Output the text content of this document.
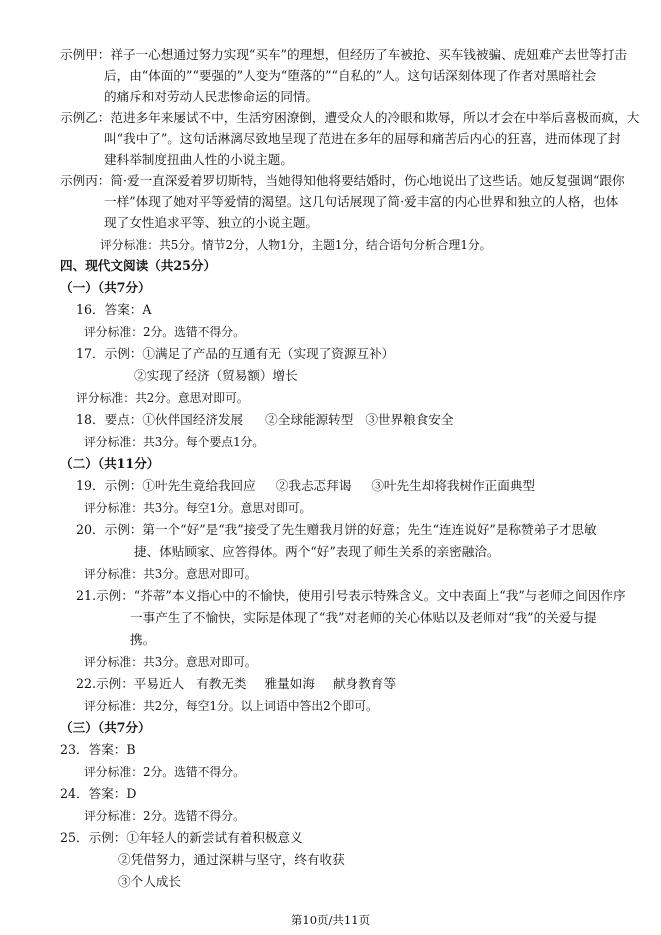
示例甲：祥子一心想通过努力实现“买车”的理想，但经历了车被抢、买车钱被骗、虎妞难产去世等打击
后，由“体面的”“要强的”人变为“堕落的”“自私的”人。这句话深刻体现了作者对黑暗社会
的痛斥和对劳动人民悲惨命运的同情。
示例乙：范进多年来屡试不中，生活穷困潦倒，遭受众人的冷眼和欺辱，所以才会在中举后喜极而疯，大
叫“我中了”。这句话淋漓尽致地呈现了范进在多年的屈辱和痛苦后内心的狂喜，进而体现了封
建科举制度扭曲人性的小说主题。
示例丙：简·爱一直深爱着罗切斯特，当她得知他将要结婚时，伤心地说出了这些话。她反复强调“跟你
一样”体现了她对平等爱情的渴望。这几句话展现了简·爱丰富的内心世界和独立的人格，也体
现了女性追求平等、独立的小说主题。
评分标准：共5分。情节2分，人物1分，主题1分，结合语句分析合理1分。
四、现代文阅读（共25分）
（一）（共7分）
16．答案：A
评分标准：2分。选错不得分。
17．示例：①满足了产品的互通有无（实现了资源互补）
②实现了经济（贸易额）增长
评分标准：共2分。意思对即可。
18．要点：①伙伴国经济发展 ②全球能源转型 ③世界粮食安全
评分标准：共3分。每个要点1分。
（二）（共11分）
19．示例：①叶先生竟给我回应 ②我忐忑拜谒 ③叶先生却将我树作正面典型
评分标准：共3分。每空1分。意思对即可。
20．示例：第一个“好”是“我”接受了先生赠我月饼的好意；先生“连连说好”是称赞弟子才思敏
捷、体贴顾家、应答得体。两个“好”表现了师生关系的亲密融洽。
评分标准：共3分。意思对即可。
21.示例：“芥蒂”本义指心中的不愉快，使用引号表示特殊含义。文中表面上“我”与老师之间因作序
一事产生了不愉快，实际是体现了“我”对老师的关心体贴以及老师对“我”的关爱与提
携。
评分标准：共3分。意思对即可。
22.示例：平易近人 有教无类 雅量如海 献身教育等
评分标准：共2分，每空1分。以上词语中答出2个即可。
（三）（共7分）
23．答案：B
评分标准：2分。选错不得分。
24．答案：D
评分标准：2分。选错不得分。
25．示例：①年轻人的新尝试有着积极意义
②凭借努力，通过深耕与坚守，终有收获
③个人成长
第10页/共11页
